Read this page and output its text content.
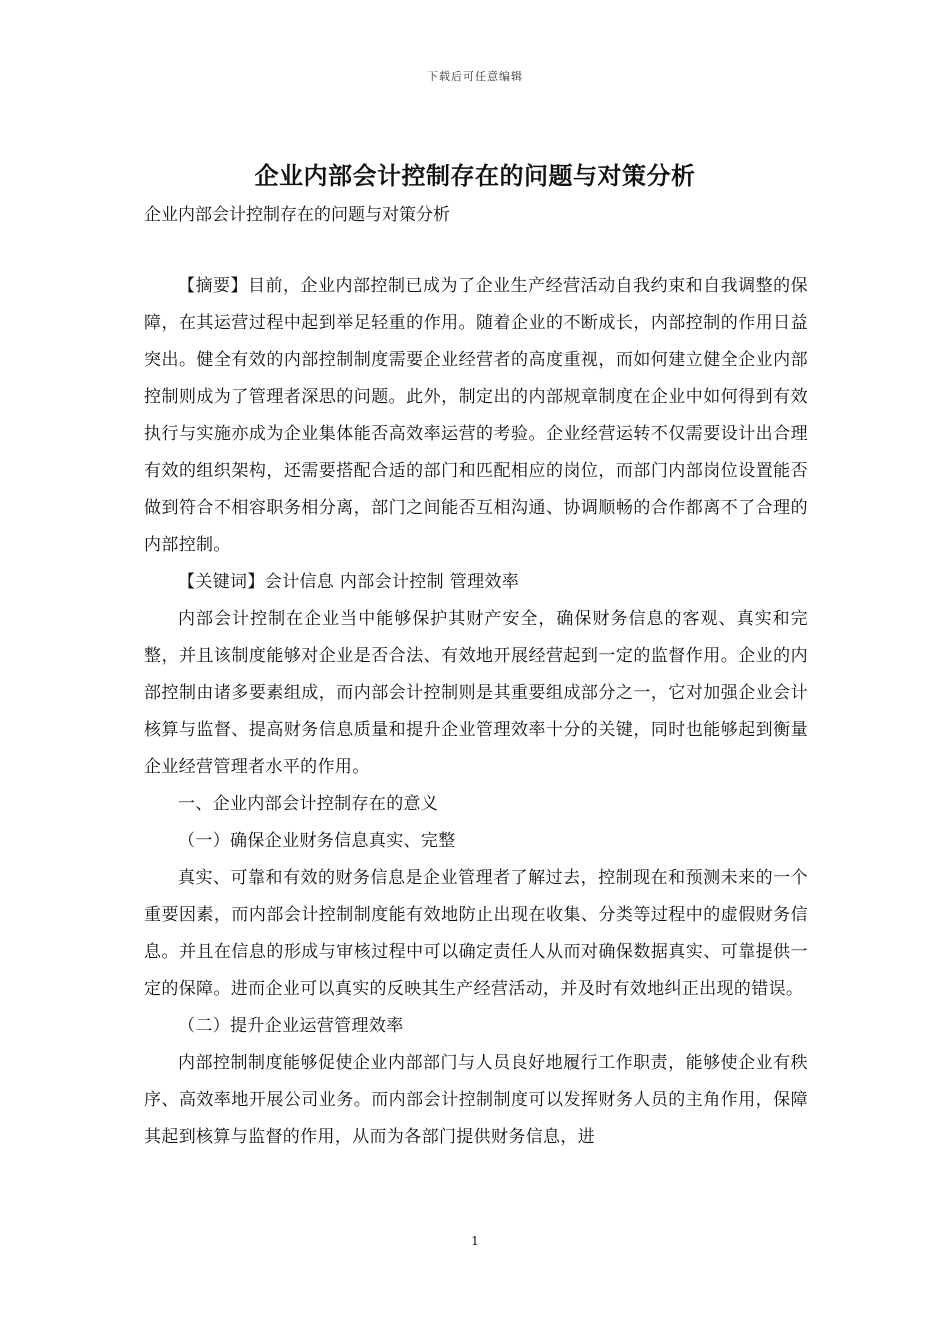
下载后可任意编辑
企业内部会计控制存在的问题与对策分析
企业内部会计控制存在的问题与对策分析

【摘要】目前，企业内部控制已成为了企业生产经营活动自我约束和自我调整的保障，在其运营过程中起到举足轻重的作用。随着企业的不断成长，内部控制的作用日益突出。健全有效的内部控制制度需要企业经营者的高度重视，而如何建立健全企业内部控制则成为了管理者深思的问题。此外，制定出的内部规章制度在企业中如何得到有效执行与实施亦成为企业集体能否高效率运营的考验。企业经营运转不仅需要设计出合理有效的组织架构，还需要搭配合适的部门和匹配相应的岗位，而部门内部岗位设置能否做到符合不相容职务相分离，部门之间能否互相沟通、协调顺畅的合作都离不了合理的内部控制。

【关键词】会计信息 内部会计控制 管理效率

内部会计控制在企业当中能够保护其财产安全，确保财务信息的客观、真实和完整，并且该制度能够对企业是否合法、有效地开展经营起到一定的监督作用。企业的内部控制由诸多要素组成，而内部会计控制则是其重要组成部分之一，它对加强企业会计核算与监督、提高财务信息质量和提升企业管理效率十分的关键，同时也能够起到衡量企业经营管理者水平的作用。

一、企业内部会计控制存在的意义

（一）确保企业财务信息真实、完整

真实、可靠和有效的财务信息是企业管理者了解过去，控制现在和预测未来的一个重要因素，而内部会计控制制度能有效地防止出现在收集、分类等过程中的虚假财务信息。并且在信息的形成与审核过程中可以确定责任人从而对确保数据真实、可靠提供一定的保障。进而企业可以真实的反映其生产经营活动，并及时有效地纠正出现的错误。

（二）提升企业运营管理效率

内部控制制度能够促使企业内部部门与人员良好地履行工作职责，能够使企业有秩序、高效率地开展公司业务。而内部会计控制制度可以发挥财务人员的主角作用，保障其起到核算与监督的作用，从而为各部门提供财务信息，进

1
